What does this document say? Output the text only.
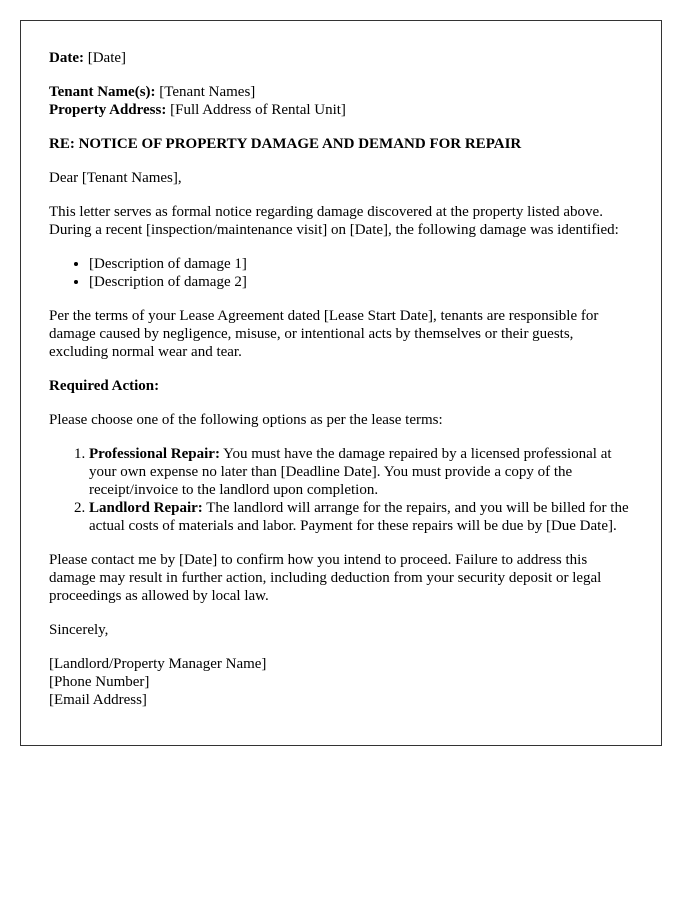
Date: [Date]

Tenant Name(s): [Tenant Names]
Property Address: [Full Address of Rental Unit]

RE: NOTICE OF PROPERTY DAMAGE AND DEMAND FOR REPAIR

Dear [Tenant Names],

This letter serves as formal notice regarding damage discovered at the property listed above. During a recent [inspection/maintenance visit] on [Date], the following damage was identified:

• [Description of damage 1]
• [Description of damage 2]

Per the terms of your Lease Agreement dated [Lease Start Date], tenants are responsible for damage caused by negligence, misuse, or intentional acts by themselves or their guests, excluding normal wear and tear.

Required Action:

Please choose one of the following options as per the lease terms:

1. Professional Repair: You must have the damage repaired by a licensed professional at your own expense no later than [Deadline Date]. You must provide a copy of the receipt/invoice to the landlord upon completion.
2. Landlord Repair: The landlord will arrange for the repairs, and you will be billed for the actual costs of materials and labor. Payment for these repairs will be due by [Due Date].

Please contact me by [Date] to confirm how you intend to proceed. Failure to address this damage may result in further action, including deduction from your security deposit or legal proceedings as allowed by local law.

Sincerely,

[Landlord/Property Manager Name]
[Phone Number]
[Email Address]
